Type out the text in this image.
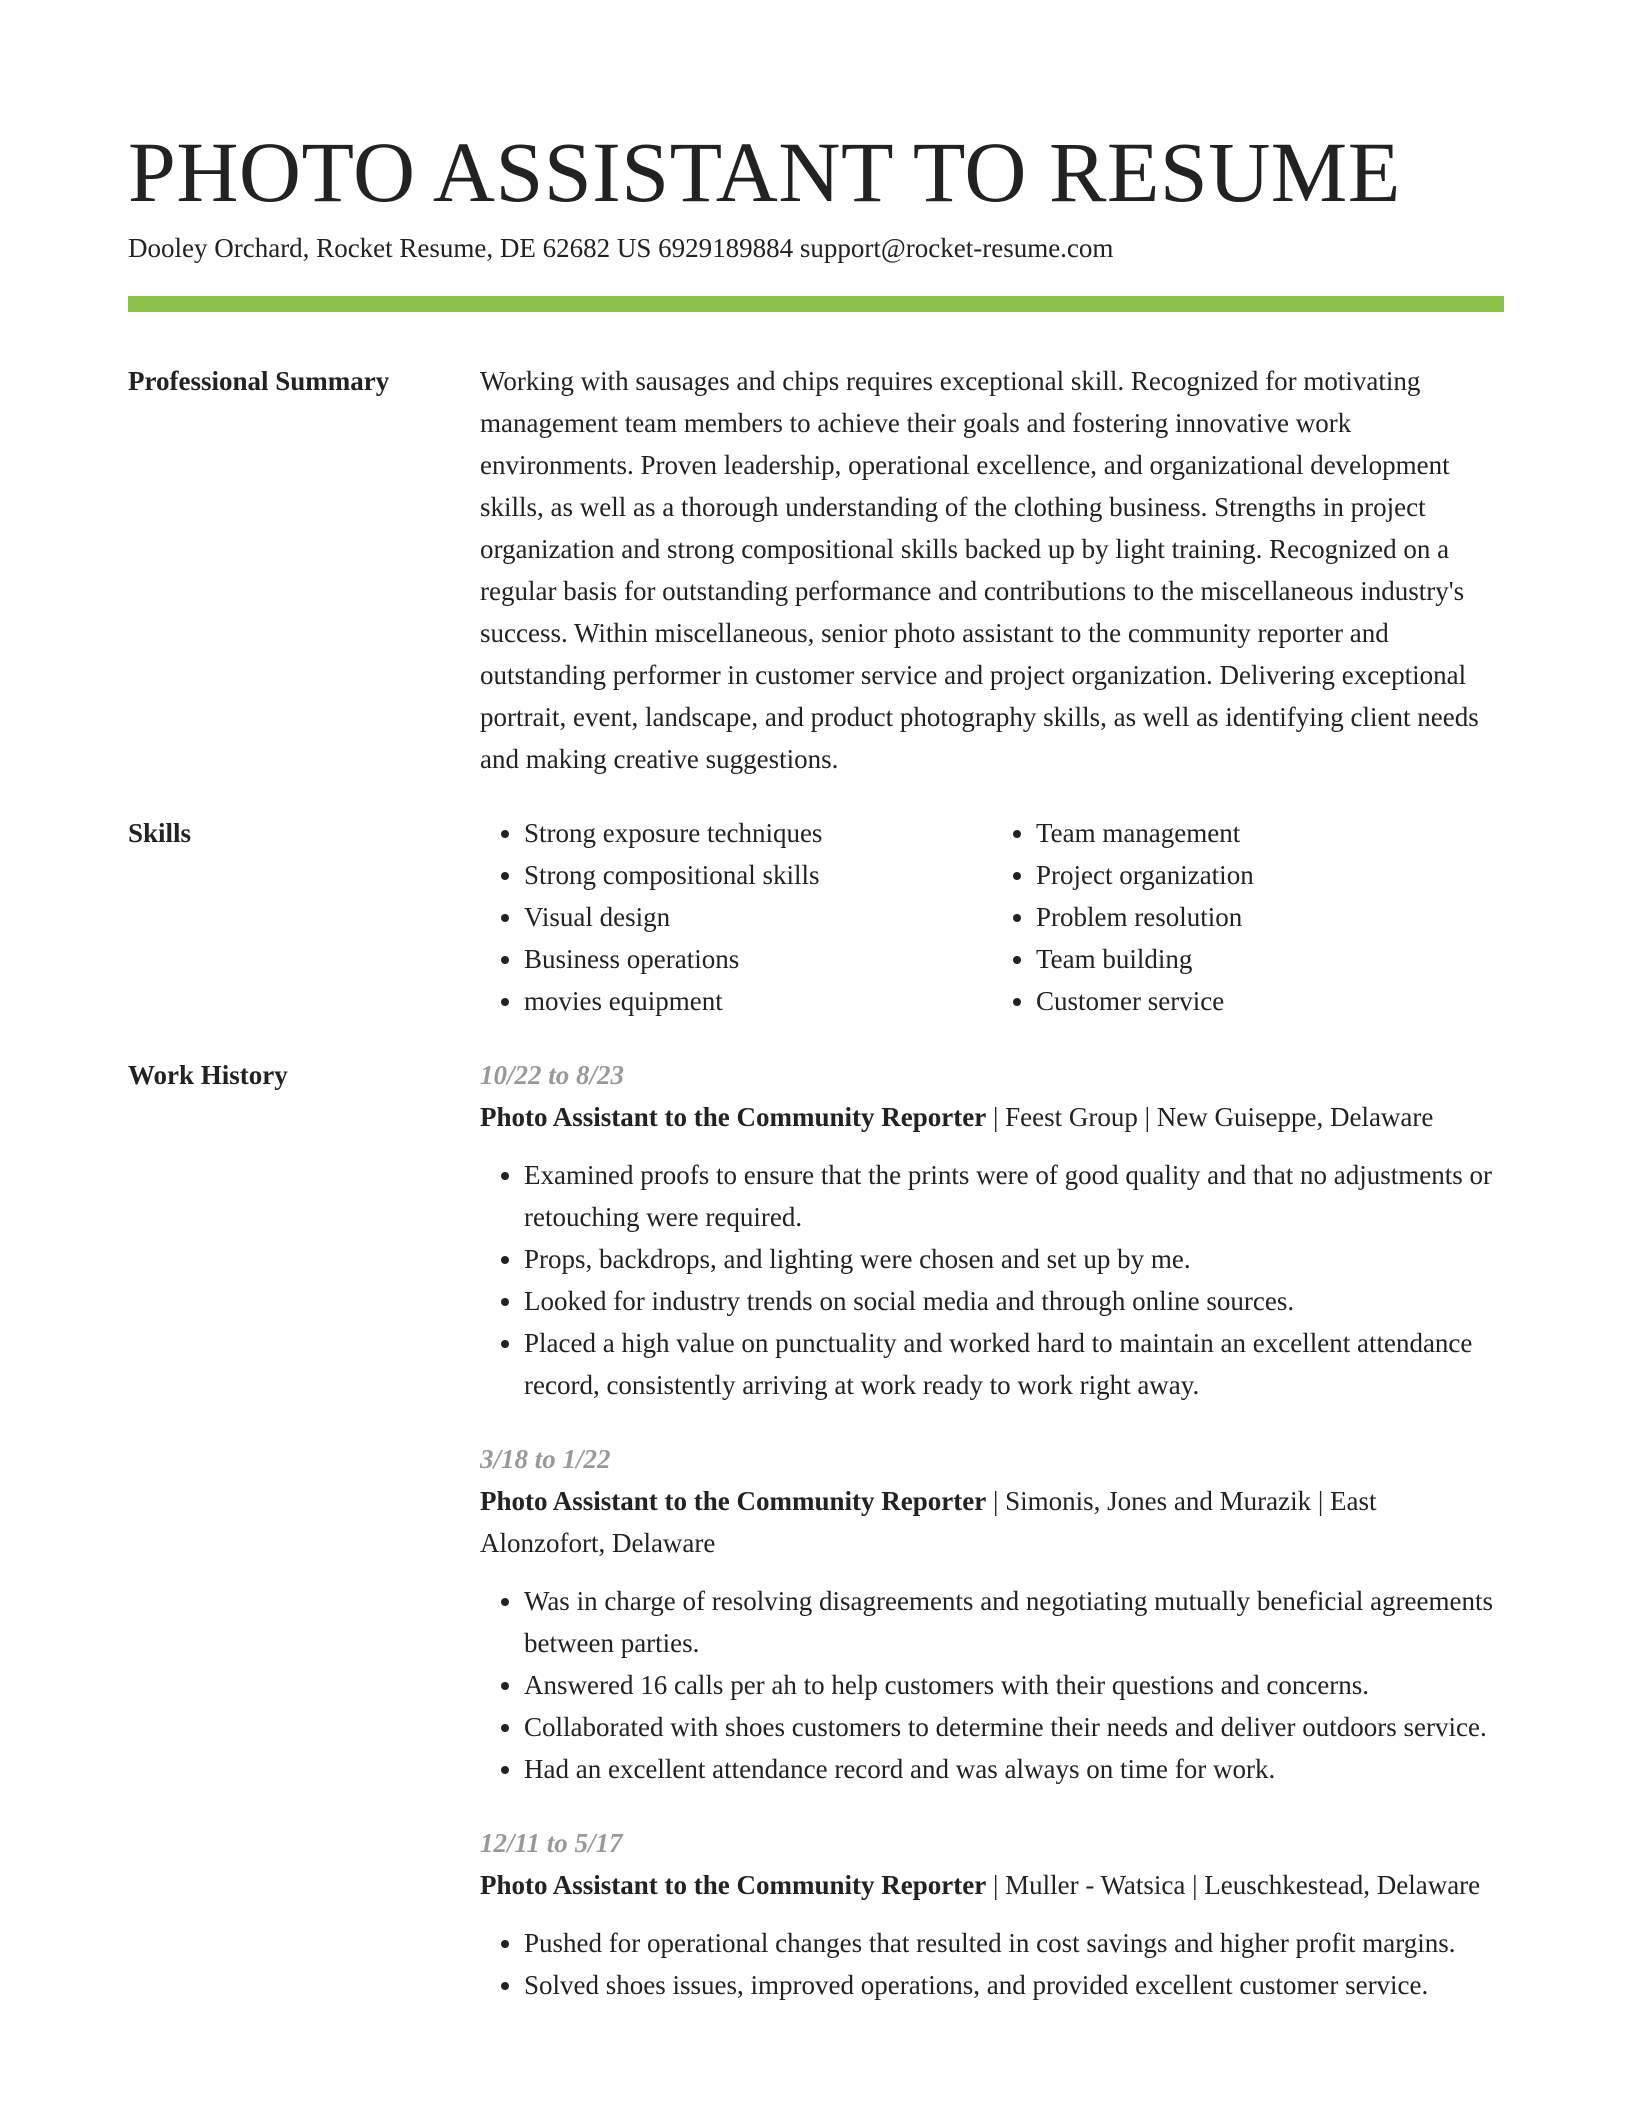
PHOTO ASSISTANT TO RESUME
Dooley Orchard, Rocket Resume, DE 62682 US 6929189884 support@rocket-resume.com
Professional Summary	Working with sausages and chips requires exceptional skill. Recognized for motivating management team members to achieve their goals and fostering innovative work environments. Proven leadership, operational excellence, and organizational development skills, as well as a thorough understanding of the clothing business. Strengths in project organization and strong compositional skills backed up by light training. Recognized on a regular basis for outstanding performance and contributions to the miscellaneous industry's success. Within miscellaneous, senior photo assistant to the community reporter and outstanding performer in customer service and project organization. Delivering exceptional portrait, event, landscape, and product photography skills, as well as identifying client needs and making creative suggestions.

Skills
•	Strong exposure techniques
• Strong compositional skills
• Visual design
• Business operations
• movies equipment
• Team management
• Project organization
• Problem resolution
• Team building
• Customer service
Work History	10/22 to 8/23
Photo Assistant to the Community Reporter | Feest Group | New Guiseppe, Delaware
• Examined proofs to ensure that the prints were of good quality and that no adjustments or retouching were required.
• Props, backdrops, and lighting were chosen and set up by me.
• Looked for industry trends on social media and through online sources.
• Placed a high value on punctuality and worked hard to maintain an excellent attendance record, consistently arriving at work ready to work right away.
3/18 to 1/22
Photo Assistant to the Community Reporter | Simonis, Jones and Murazik | East Alonzofort, Delaware
• Was in charge of resolving disagreements and negotiating mutually beneficial agreements between parties.
• Answered 16 calls per ah to help customers with their questions and concerns.
• Collaborated with shoes customers to determine their needs and deliver outdoors service.
• Had an excellent attendance record and was always on time for work.
12/11 to 5/17
Photo Assistant to the Community Reporter | Muller - Watsica | Leuschkestead, Delaware
• Pushed for operational changes that resulted in cost savings and higher profit margins.
• Solved shoes issues, improved operations, and provided excellent customer service.
